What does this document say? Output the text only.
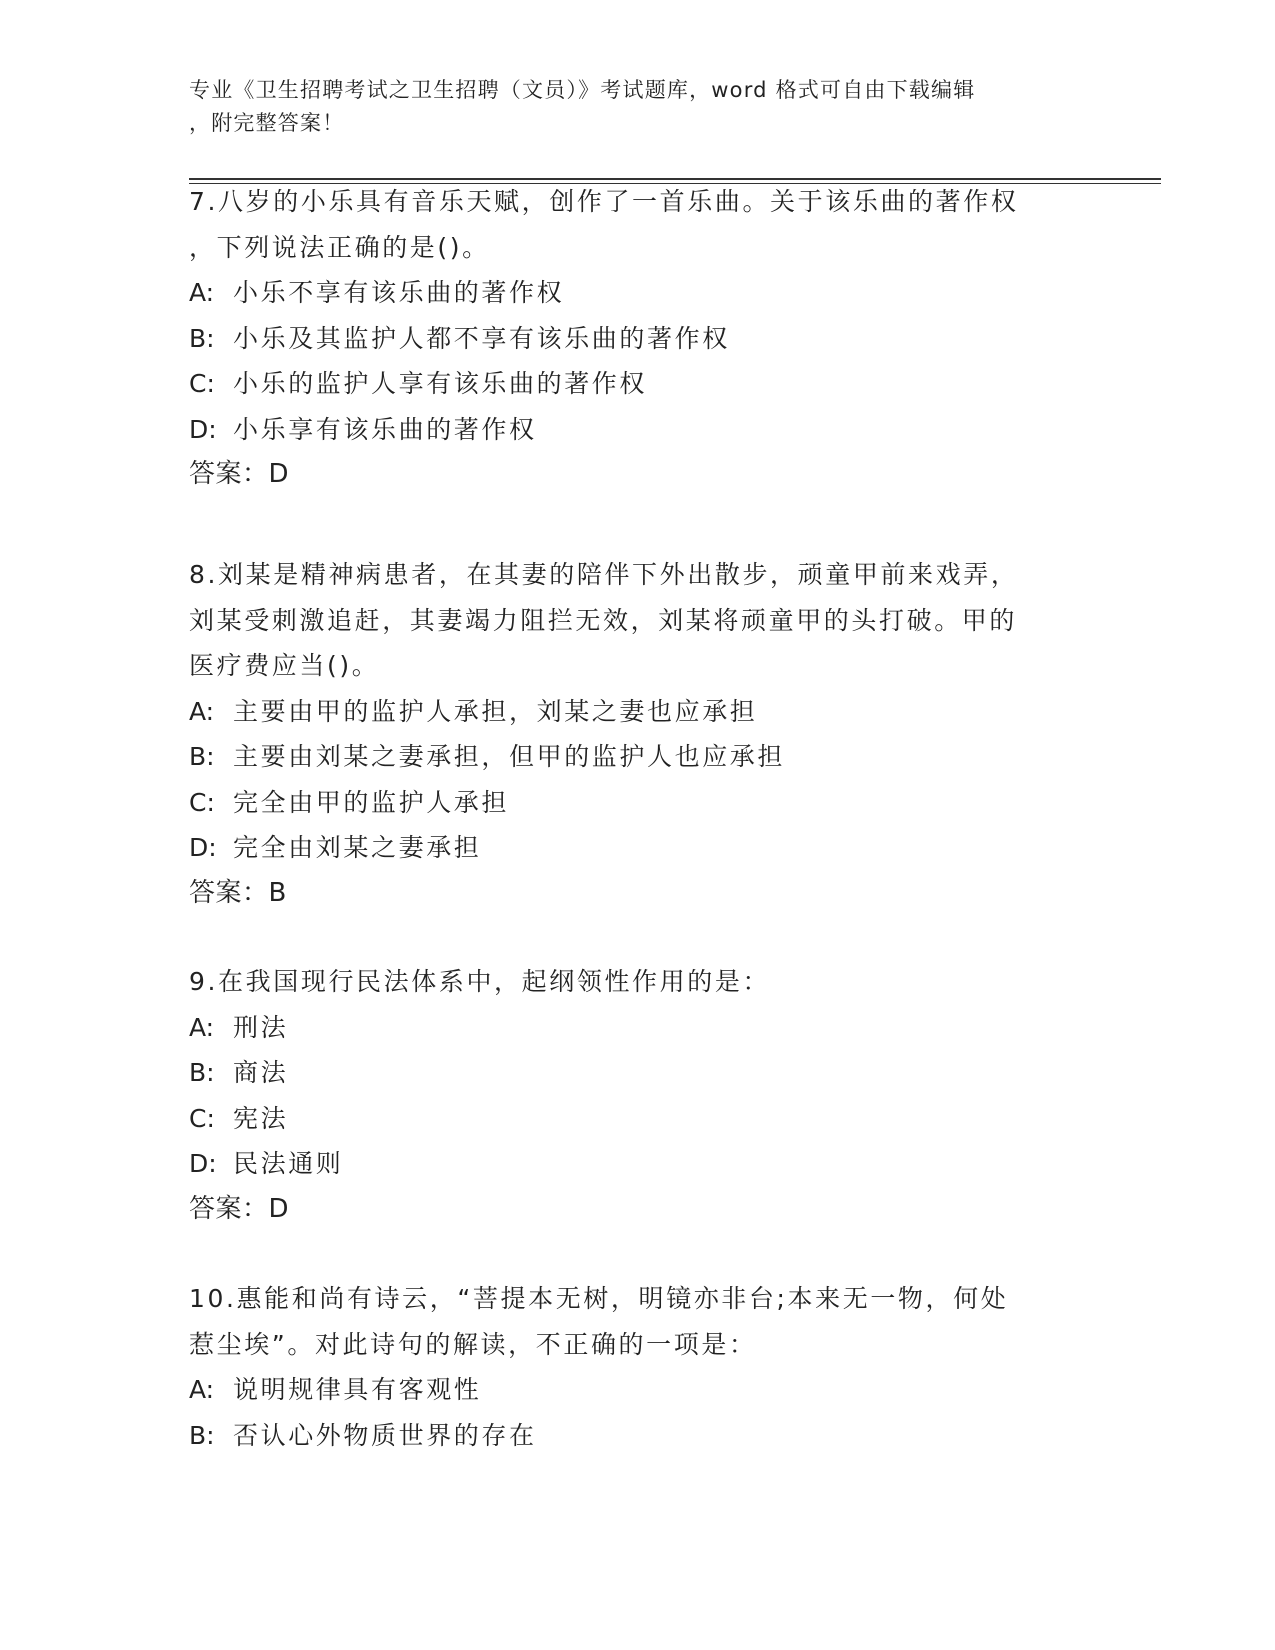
专业《卫生招聘考试之卫生招聘（文员）》考试题库，word 格式可自由下载编辑
，附完整答案！
7.八岁的小乐具有音乐天赋，创作了一首乐曲。关于该乐曲的著作权
，下列说法正确的是()。
A: 小乐不享有该乐曲的著作权
B: 小乐及其监护人都不享有该乐曲的著作权
C: 小乐的监护人享有该乐曲的著作权
D: 小乐享有该乐曲的著作权
答案：D
8.刘某是精神病患者，在其妻的陪伴下外出散步，顽童甲前来戏弄，
刘某受刺激追赶，其妻竭力阻拦无效，刘某将顽童甲的头打破。甲的
医疗费应当()。
A: 主要由甲的监护人承担，刘某之妻也应承担
B: 主要由刘某之妻承担，但甲的监护人也应承担
C: 完全由甲的监护人承担
D: 完全由刘某之妻承担
答案：B
9.在我国现行民法体系中，起纲领性作用的是：
A: 刑法
B: 商法
C: 宪法
D: 民法通则
答案：D
10.惠能和尚有诗云，“菩提本无树，明镜亦非台;本来无一物，何处
惹尘埃”。对此诗句的解读，不正确的一项是：
A: 说明规律具有客观性
B: 否认心外物质世界的存在
